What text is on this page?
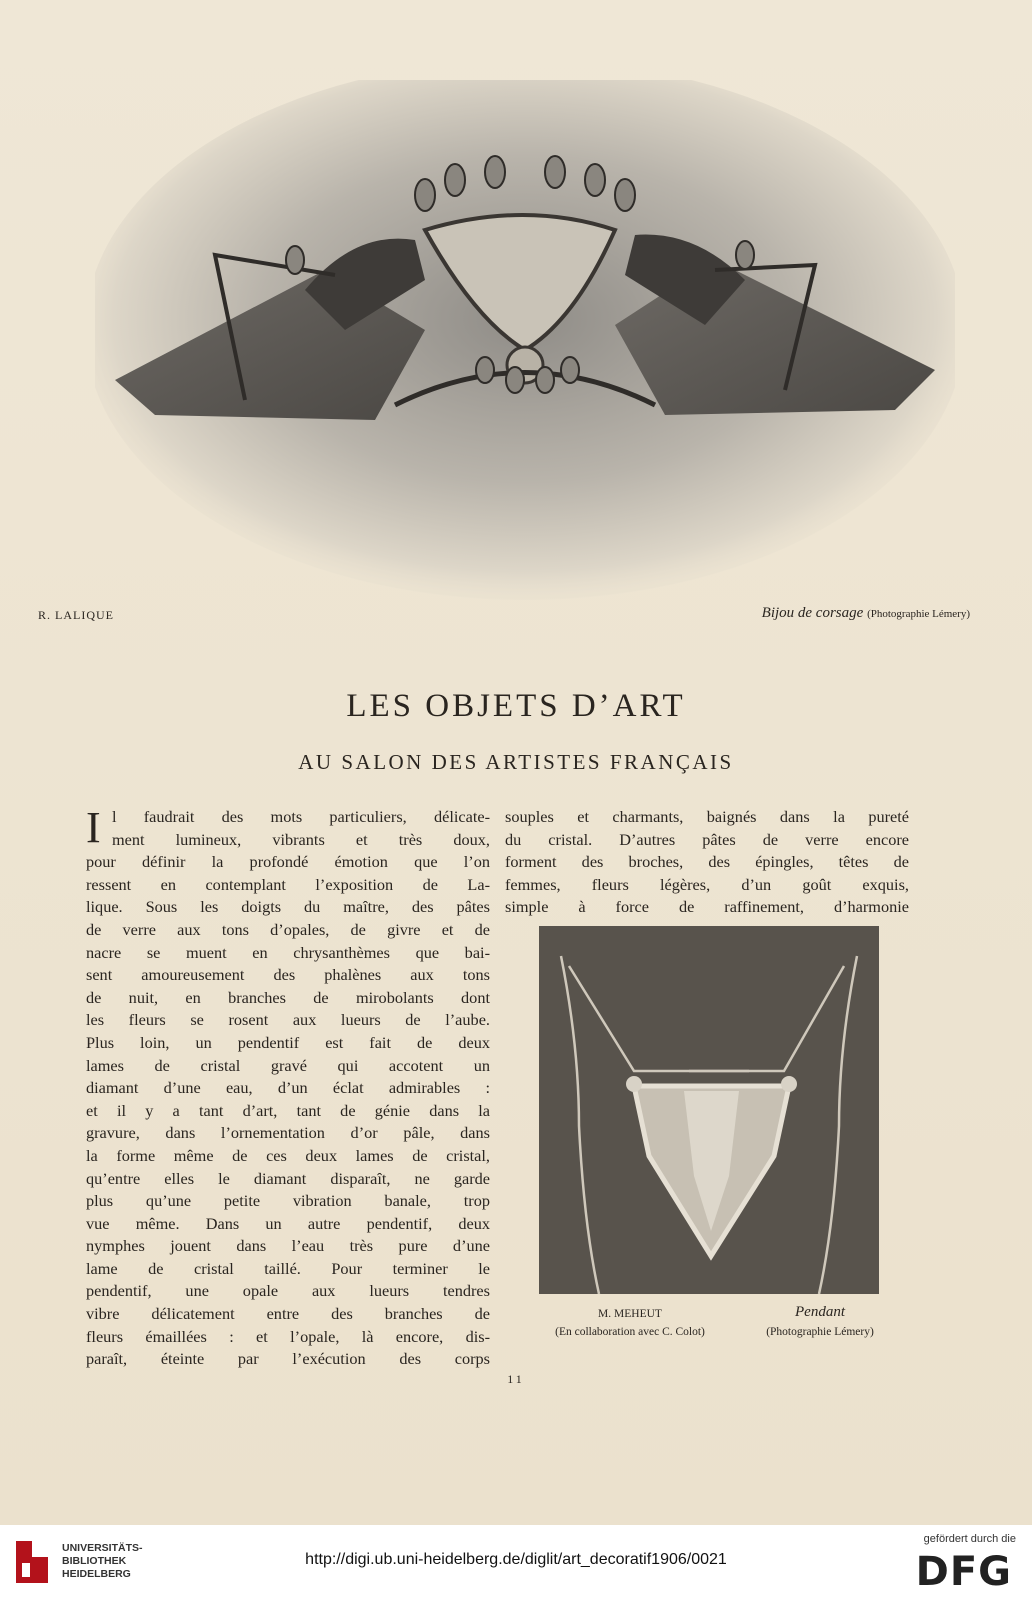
R. LALIQUE	Bijou de corsage (Photographie Lémery)
LES OBJETS D’ART
AU SALON DES ARTISTES FRANÇAIS
I l faudrait des mots particuliers, délicate-
ment lumineux, vibrants et très doux,
pour définir la profondé émotion que l’on
ressent en contemplant l’exposition de La-
lique. Sous les doigts du maître, des pâtes
de verre aux tons d’opales, de givre et de
nacre se muent en chrysanthèmes que bai-
sent amoureusement des phalènes aux tons
de nuit, en branches de mirobolants dont
les fleurs se rosent aux lueurs de l’aube.
Plus loin, un pendentif est fait de deux
lames de cristal gravé qui accotent un
diamant d’une eau, d’un éclat admirables :
et il y a tant d’art, tant de génie dans la
gravure, dans l’ornementation d’or pâle, dans
la forme même de ces deux lames de cristal,
qu’entre elles le diamant disparaît, ne garde
plus qu’une petite vibration banale, trop
vue même. Dans un autre pendentif, deux
nymphes jouent dans l’eau très pure d’une
lame de cristal taillé. Pour terminer le
pendentif, une opale aux lueurs tendres
vibre délicatement entre des branches de
fleurs émaillées : et l’opale, là encore, dis-
paraît, éteinte par l’exécution des corps
souples et charmants, baignés dans la pureté
du cristal. D’autres pâtes de verre encore
forment des broches, des épingles, têtes de
femmes, fleurs légères, d’un goût exquis,
simple à force de raffinement, d’harmonie
M. MEHEUT
(En collaboration avec C. Colot)
Pendant
(Photographie Lémery)
11
UNIVERSITÄTS-
BIBLIOTHEK
HEIDELBERG
http://digi.ub.uni-heidelberg.de/diglit/art_decoratif1906/0021
gefördert durch die
DFG
